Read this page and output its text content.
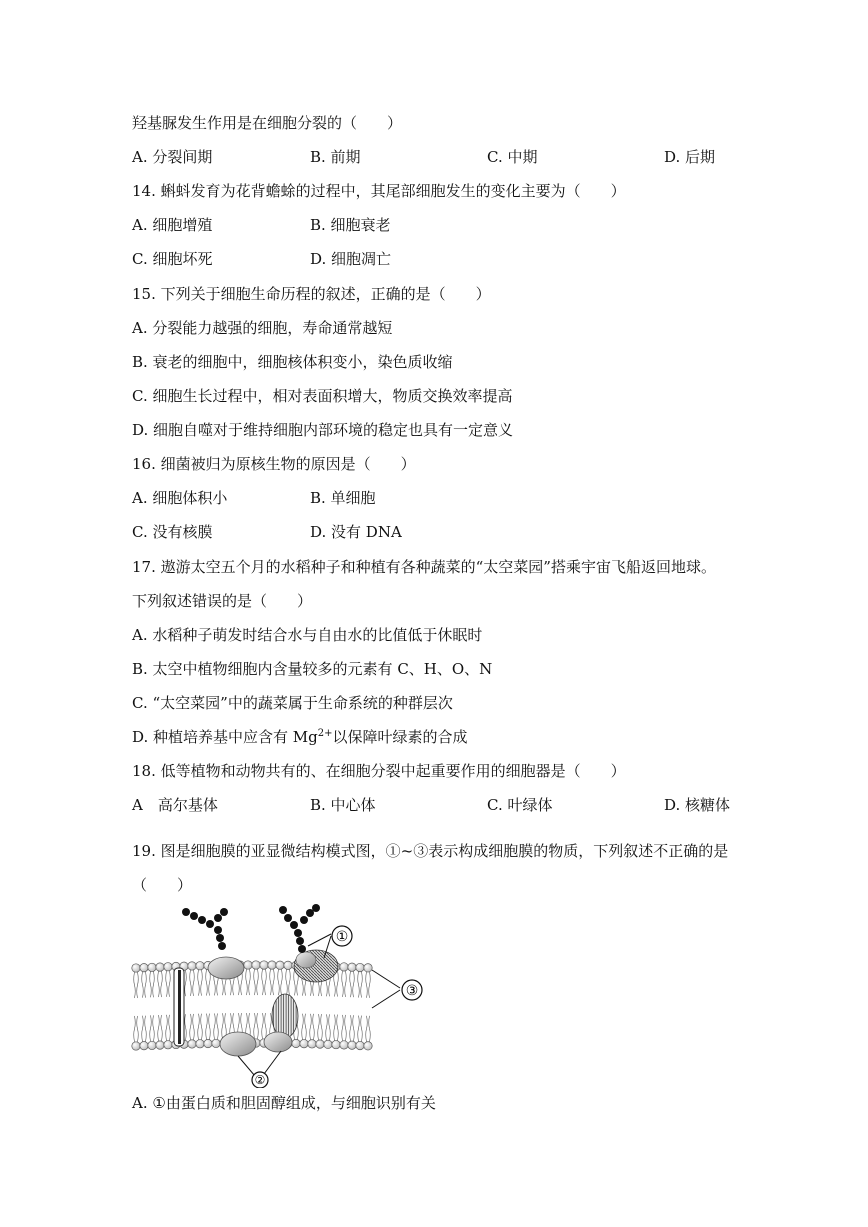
羟基脲发生作用是在细胞分裂的（　　）
A. 分裂间期	B. 前期	C. 中期	D. 后期
14. 蝌蚪发育为花背蟾蜍的过程中，其尾部细胞发生的变化主要为（　　）
A. 细胞增殖	B. 细胞衰老
C. 细胞坏死	D. 细胞凋亡
15. 下列关于细胞生命历程的叙述，正确的是（　　）
A. 分裂能力越强的细胞，寿命通常越短
B. 衰老的细胞中，细胞核体积变小，染色质收缩
C. 细胞生长过程中，相对表面积增大，物质交换效率提高
D. 细胞自噬对于维持细胞内部环境的稳定也具有一定意义
16. 细菌被归为原核生物的原因是（　　）
A. 细胞体积小	B. 单细胞
C. 没有核膜	D. 没有 DNA
17. 遨游太空五个月的水稻种子和种植有各种蔬菜的“太空菜园”搭乘宇宙飞船返回地球。
下列叙述错误的是（　　）
A. 水稻种子萌发时结合水与自由水的比值低于休眠时
B. 太空中植物细胞内含量较多的元素有 C、H、O、N
C. “太空菜园”中的蔬菜属于生命系统的种群层次
D. 种植培养基中应含有 $Mg^{2+}$以保障叶绿素的合成
18. 低等植物和动物共有的、在细胞分裂中起重要作用的细胞器是（　　）
A　高尔基体	B. 中心体	C. 叶绿体	D. 核糖体
19. 图是细胞膜的亚显微结构模式图，①~③表示构成细胞膜的物质，下列叙述不正确的是
（　　）
①
②
③
A. ①由蛋白质和胆固醇组成，与细胞识别有关
